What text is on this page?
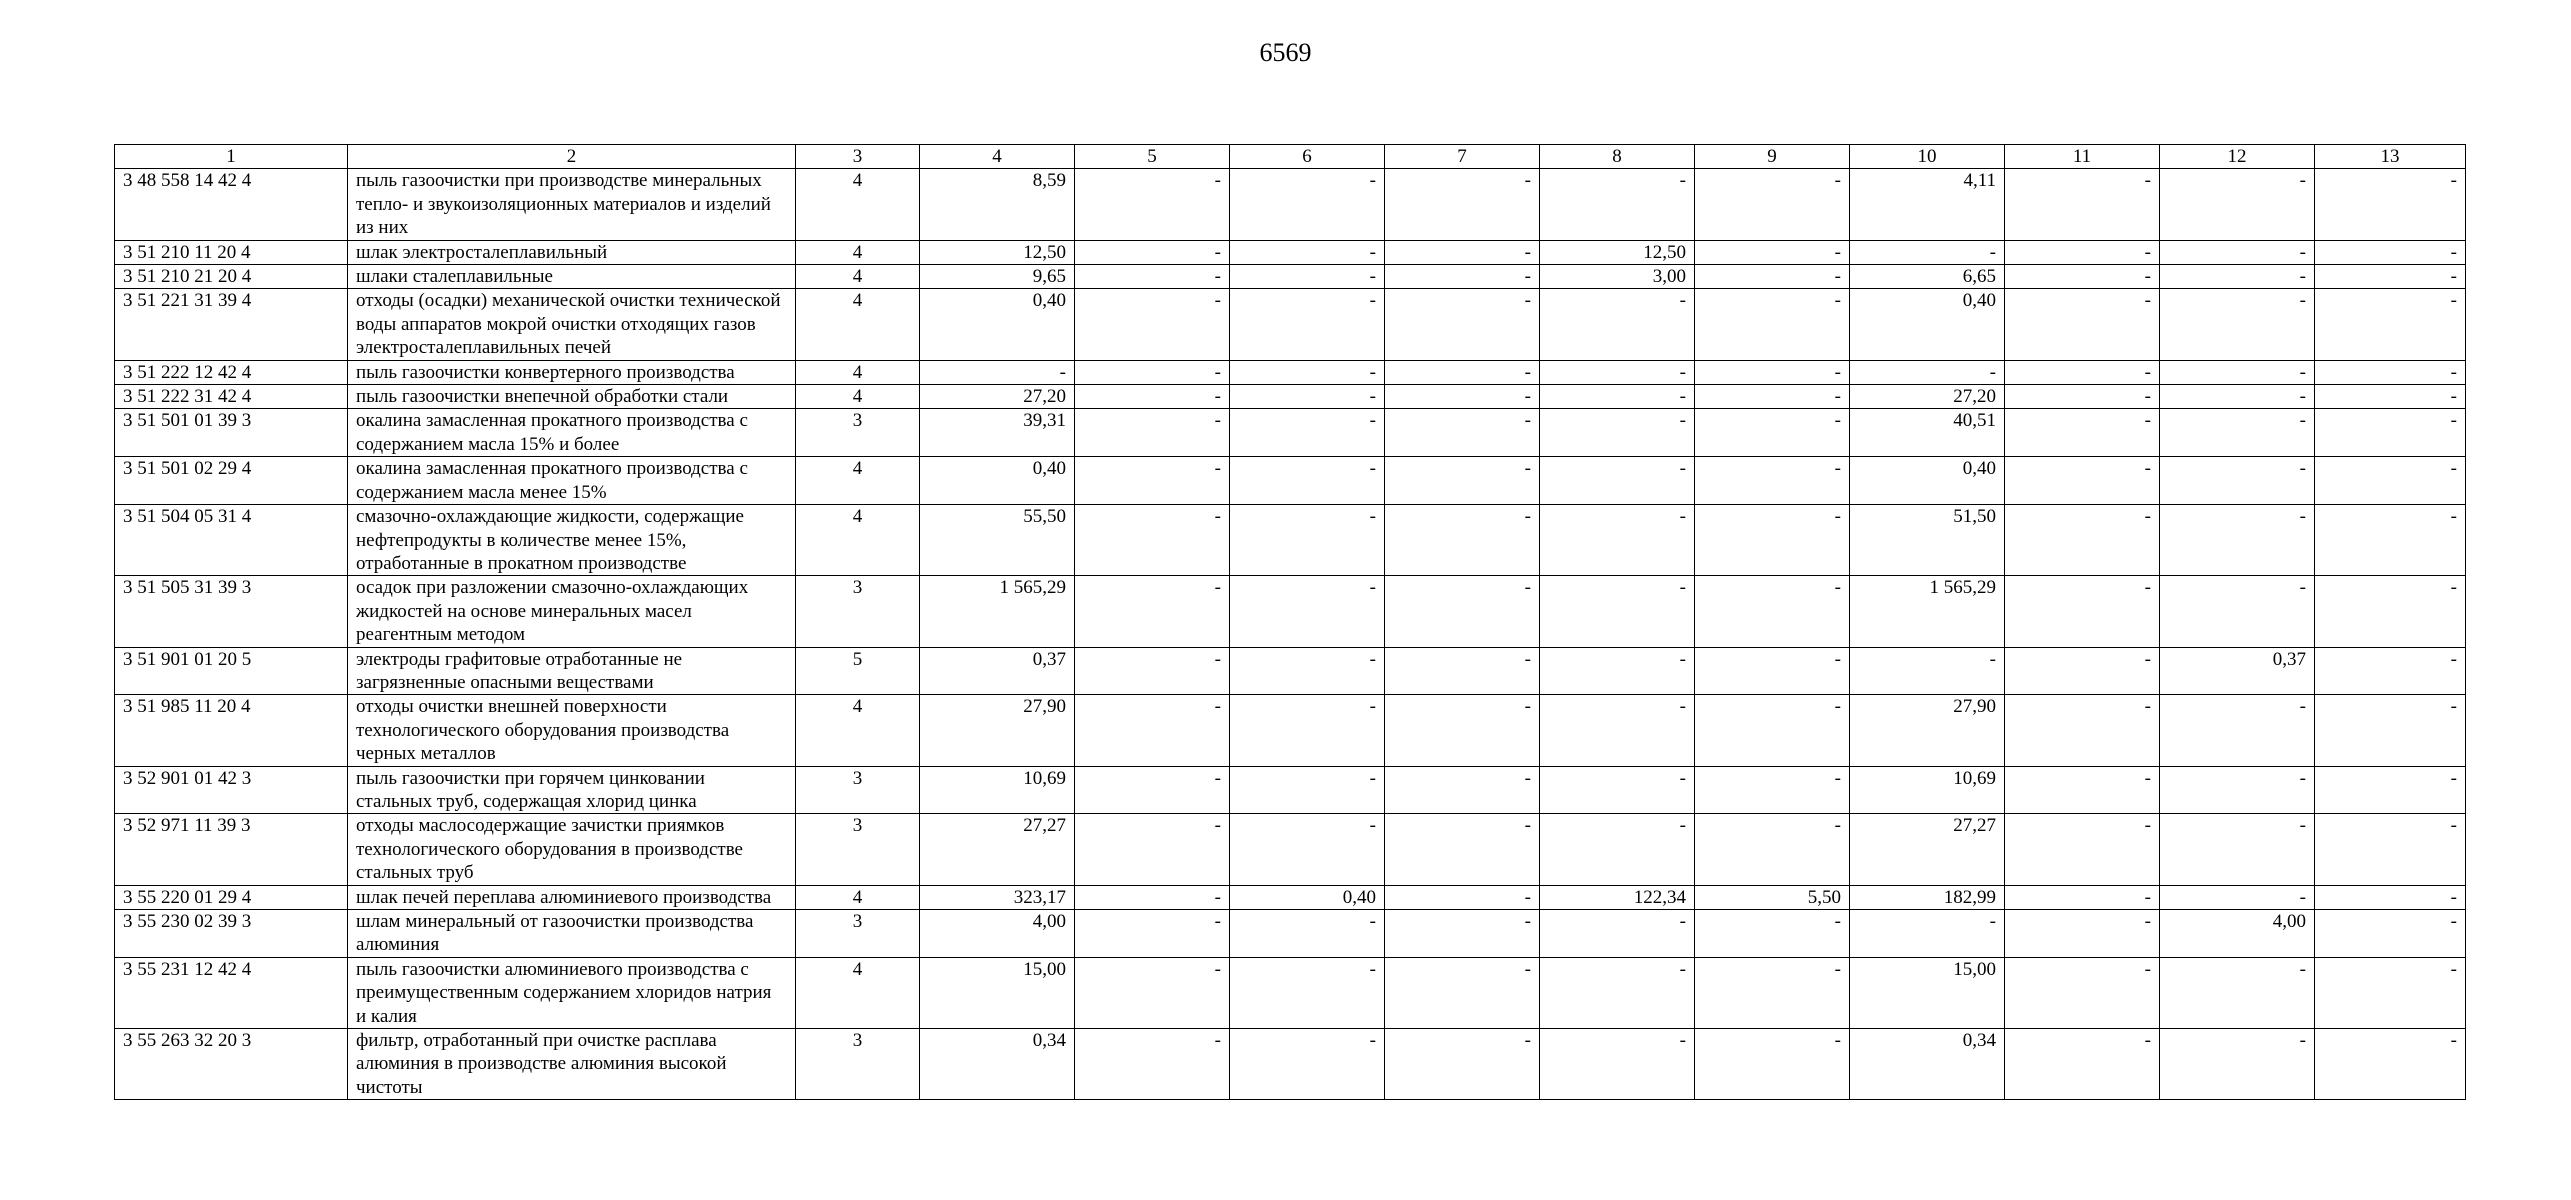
6569
1	2	3	4	5	6	7	8	9	10	11	12	13
3 48 558 14 42 4	пыль газоочистки при производстве минеральных тепло- и звукоизоляционных материалов и изделий из них	4	8,59	-	-	-	-	-	4,11	-	-	-
3 51 210 11 20 4	шлак электросталеплавильный	4	12,50	-	-	-	12,50	-	-	-	-	-
3 51 210 21 20 4	шлаки сталеплавильные	4	9,65	-	-	-	3,00	-	6,65	-	-	-
3 51 221 31 39 4	отходы (осадки) механической очистки технической воды аппаратов мокрой очистки отходящих газов электросталеплавильных печей	4	0,40	-	-	-	-	-	0,40	-	-	-
3 51 222 12 42 4	пыль газоочистки конвертерного производства	4	-	-	-	-	-	-	-	-	-	-
3 51 222 31 42 4	пыль газоочистки внепечной обработки стали	4	27,20	-	-	-	-	-	27,20	-	-	-
3 51 501 01 39 3	окалина замасленная прокатного производства с содержанием масла 15% и более	3	39,31	-	-	-	-	-	40,51	-	-	-
3 51 501 02 29 4	окалина замасленная прокатного производства с содержанием масла менее 15%	4	0,40	-	-	-	-	-	0,40	-	-	-
3 51 504 05 31 4	смазочно-охлаждающие жидкости, содержащие нефтепродукты в количестве менее 15%, отработанные в прокатном производстве	4	55,50	-	-	-	-	-	51,50	-	-	-
3 51 505 31 39 3	осадок при разложении смазочно-охлаждающих жидкостей на основе минеральных масел реагентным методом	3	1 565,29	-	-	-	-	-	1 565,29	-	-	-
3 51 901 01 20 5	электроды графитовые отработанные не загрязненные опасными веществами	5	0,37	-	-	-	-	-	-	-	0,37	-
3 51 985 11 20 4	отходы очистки внешней поверхности технологического оборудования производства черных металлов	4	27,90	-	-	-	-	-	27,90	-	-	-
3 52 901 01 42 3	пыль газоочистки при горячем цинковании стальных труб, содержащая хлорид цинка	3	10,69	-	-	-	-	-	10,69	-	-	-
3 52 971 11 39 3	отходы маслосодержащие зачистки приямков технологического оборудования в производстве стальных труб	3	27,27	-	-	-	-	-	27,27	-	-	-
3 55 220 01 29 4	шлак печей переплава алюминиевого производства	4	323,17	-	0,40	-	122,34	5,50	182,99	-	-	-
3 55 230 02 39 3	шлам минеральный от газоочистки производства алюминия	3	4,00	-	-	-	-	-	-	-	4,00	-
3 55 231 12 42 4	пыль газоочистки алюминиевого производства с преимущественным содержанием хлоридов натрия и калия	4	15,00	-	-	-	-	-	15,00	-	-	-
3 55 263 32 20 3	фильтр, отработанный при очистке расплава алюминия в производстве алюминия высокой чистоты	3	0,34	-	-	-	-	-	0,34	-	-	-
